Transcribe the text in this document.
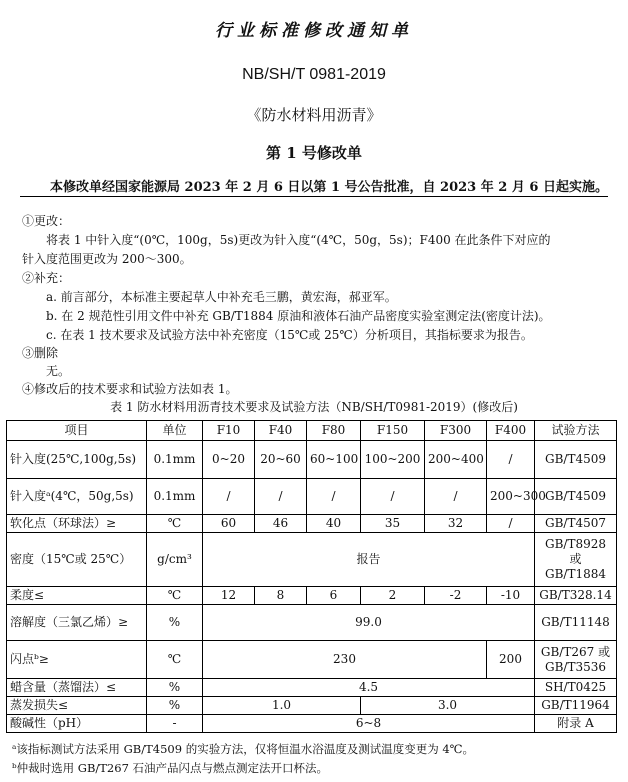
行业标准修改通知单
NB/SH/T 0981-2019
《防水材料用沥青》
第 1 号修改单
本修改单经国家能源局 2023 年 2 月 6 日以第 1 号公告批准，自 2023 年 2 月 6 日起实施。
①更改：
将表 1 中针入度“(0℃，100g，5s)更改为针入度“(4℃，50g，5s)；F400 在此条件下对应的
针入度范围更改为 200～300。
②补充：
a. 前言部分，本标准主要起草人中补充毛三鹏，黄宏海，郝亚军。
b. 在 2 规范性引用文件中补充 GB/T1884 原油和液体石油产品密度实验室测定法(密度计法)。
c. 在表 1 技术要求及试验方法中补充密度（15℃或 25℃）分析项目，其指标要求为报告。
③删除
无。
④修改后的技术要求和试验方法如表 1。
表 1 防水材料用沥青技术要求及试验方法（NB/SH/T0981-2019）(修改后)
项目	单位	F10	F40	F80	F150	F300	F400	试验方法
针入度(25℃,100g,5s)	0.1mm	0~20	20~60	60~100	100~200	200~400	/	GB/T4509
针入度ᵃ(4℃，50g,5s)	0.1mm	/	/	/	/	/	200~300	GB/T4509
软化点（环球法）≥	℃	60	46	40	35	32	/	GB/T4507
密度（15℃或 25℃）	g/cm³	报告						GB/T8928
或
GB/T1884

柔度≤	℃	12	8	6	2	-2	-10	GB/T328.14
溶解度（三氯乙烯）≥	%	99.0						GB/T11148
闪点ᵇ≥	℃	230					200	GB/T267 或
GB/T3536

蜡含量（蒸馏法）≤	%	4.5						SH/T0425
蒸发损失≤	%	1.0			3.0			GB/T11964
酸碱性（pH）	-	6~8						附录 A
ᵃ该指标测试方法采用 GB/T4509 的实验方法，仅将恒温水浴温度及测试温度变更为 4℃。
ᵇ仲裁时选用 GB/T267 石油产品闪点与燃点测定法开口杯法。
